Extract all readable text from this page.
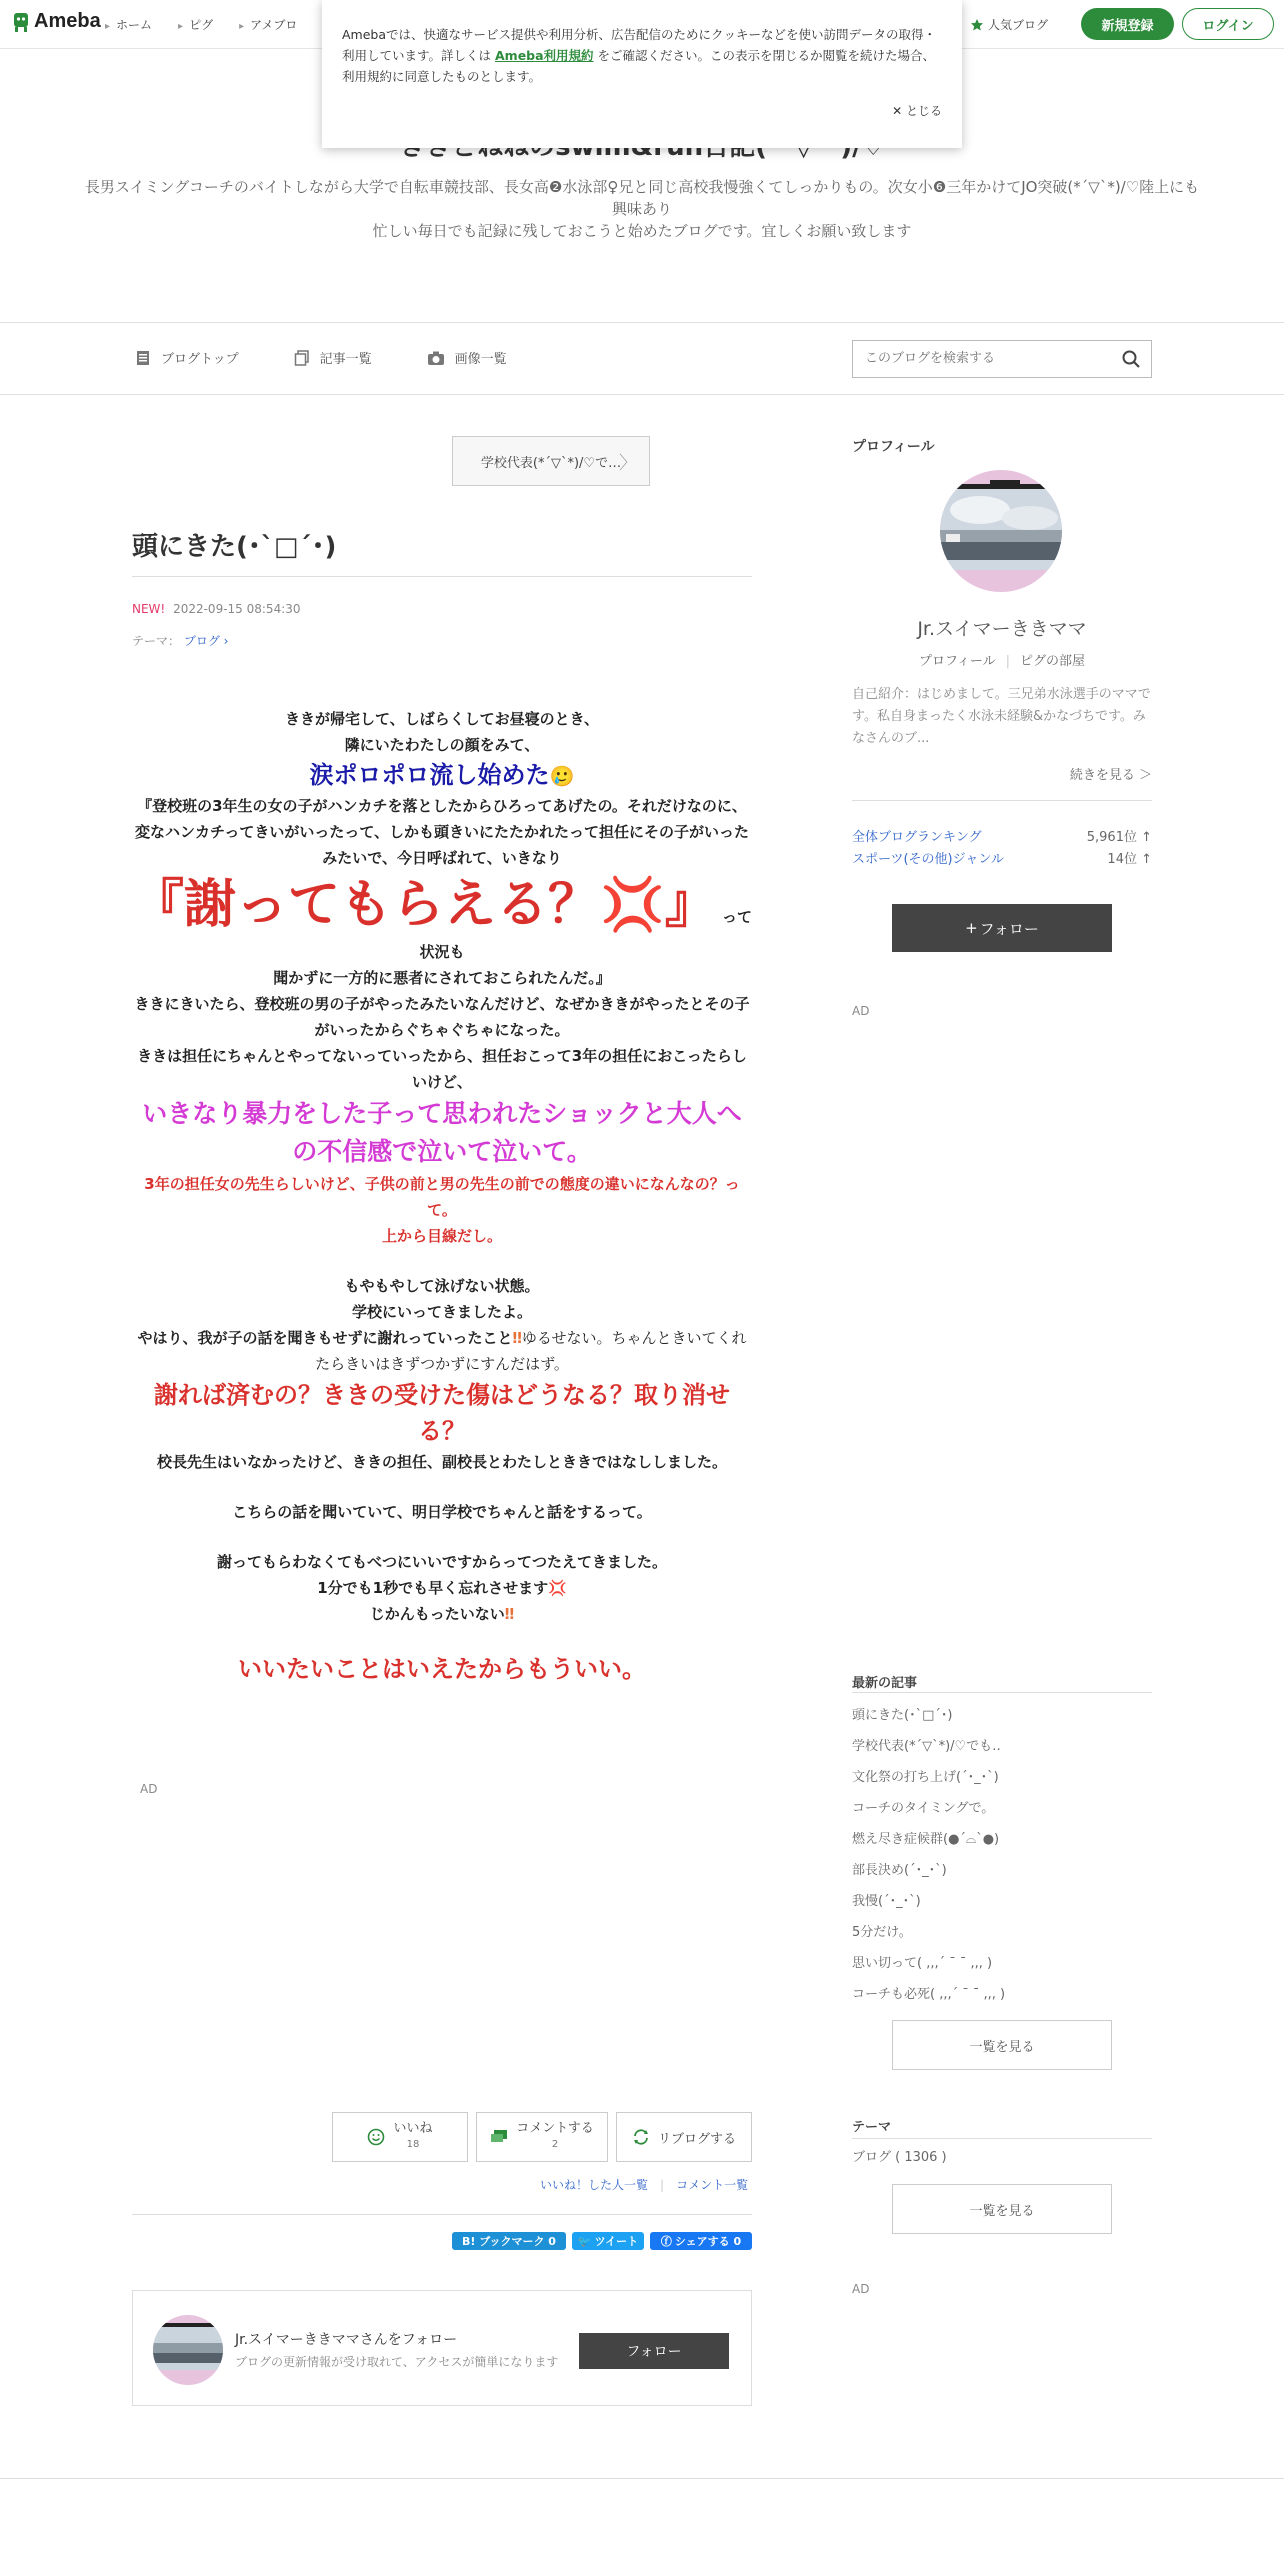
Ameba	▸ ホーム	▸ ピグ	▸ アメブロ	人気ブログ	新規登録	ログイン
Amebaでは、快適なサービス提供や利用分析、広告配信のためにクッキーなどを使い訪問データの取得・利用しています。詳しくは Ameba利用規約 をご確認ください。この表示を閉じるか閲覧を続けた場合、利用規約に同意したものとします。
✕ とじる
長男スイミングコーチのバイトしながら大学で自転車競技部、長女高❷水泳部♀兄と同じ高校我慢強くてしっかりもの。次女小❻三年かけてJO突破(*´▽`*)/♡陸上にも興味あり
忙しい毎日でも記録に残しておこうと始めたブログです。宜しくお願い致します
ブログトップ	記事一覧	画像一覧
このブログを検索する
学校代表(*´▽`*)/♡で…
〉
頭にきた(･`□´･)
NEW! 2022-09-15 08:54:30
テーマ： ブログ ›

ききが帰宅して、しばらくしてお昼寝のとき、

隣にいたわたしの顔をみて、

涙ポロポロ流し始めた🥲

『登校班の3年生の女の子がハンカチを落としたからひろってあげたの。それだけなのに、

変なハンカチってきいがいったって、しかも頭きいにたたかれたって担任にその子がいったみたいで、今日呼ばれて、いきなり

『謝ってもらえる？💢』 って状況も

聞かずに一方的に悪者にされておこられたんだ。』

ききにきいたら、登校班の男の子がやったみたいなんだけど、なぜかききがやったとその子がいったからぐちゃぐちゃになった。

ききは担任にちゃんとやってないっていったから、担任おこって3年の担任におこったらしいけど、

いきなり暴力をした子って思われたショックと大人への不信感で泣いて泣いて。

3年の担任女の先生らしいけど、子供の前と男の先生の前での態度の違いになんなの？って。

上から目線だし。

もやもやして泳げない状態。

学校にいってきましたよ。

やはり、我が子の話を聞きもせずに謝れっていったこと‼ゆるせない。ちゃんときいてくれたらきいはきずつかずにすんだはず。

謝れば済むの？ききの受けた傷はどうなる？取り消せる？

校長先生はいなかったけど、ききの担任、副校長とわたしとききではなししました。

こちらの話を聞いていて、明日学校でちゃんと話をするって。

謝ってもらわなくてもべつにいいですからってつたえてきました。

1分でも1秒でも早く忘れさせます💢

じかんもったいない‼

いいたいことはいえたからもういい。

AD
いいね
18
コメントする
2	リブログする
いいね！した人一覧 | コメント一覧
B! ブックマーク 0	🐦 ツイート ⓕ シェアする 0
Jr.スイマーききママさんをフォロー
ブログの更新情報が受け取れて、アクセスが簡単になります
フォロー
プロフィール
Jr.スイマーききママ
プロフィール | ピグの部屋
自己紹介：はじめまして。三兄弟水泳選手のママです。私自身まったく水泳未経験&かなづちです。みなさんのブ...
続きを見る ＞
全体ブログランキング	5,961位 ↑
スポーツ(その他)ジャンル	14位 ↑
+ フォロー
AD
最新の記事
頭にきた(･`□´･)
学校代表(*´▽`*)/♡でも‥
文化祭の打ち上げ(´･_･`)
コーチのタイミングで。
燃え尽き症候群(●´⌓`●)
部長決め(´･_･`)
我慢(´･_･`)
5分だけ。
思い切って( ,,,´ ¯ ¯ ,,, )
コーチも必死( ,,,´ ¯ ¯ ,,, )
一覧を見る
テーマ
ブログ ( 1306 )
一覧を見る
AD
